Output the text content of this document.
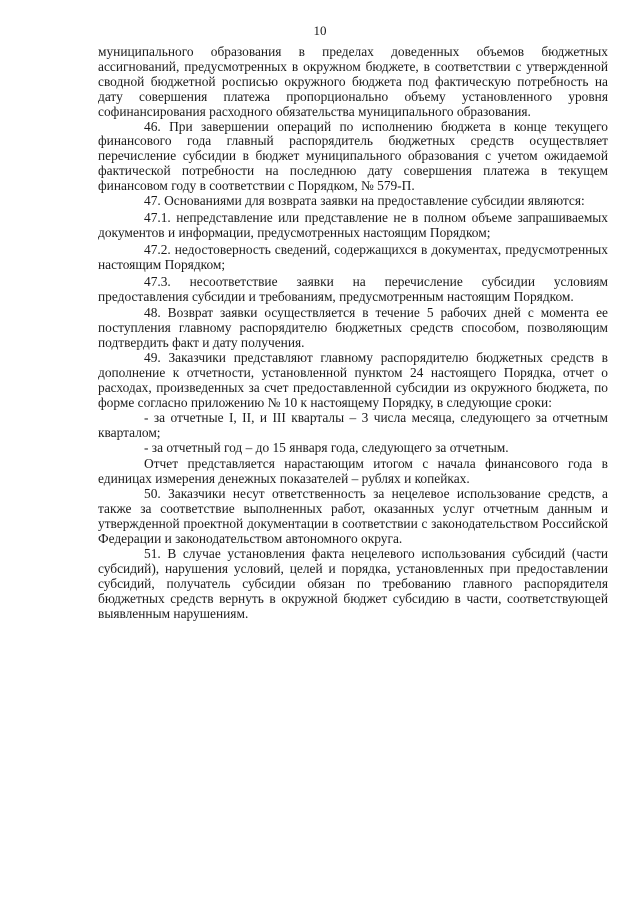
10

муниципального образования в пределах доведенных объемов бюджетных ассигнований, предусмотренных в окружном бюджете, в соответствии с утвержденной сводной бюджетной росписью окружного бюджета под фактическую потребность на дату совершения платежа пропорционально объему установленного уровня софинансирования расходного обязательства муниципального образования.

46. При завершении операций по исполнению бюджета в конце текущего финансового года главный распорядитель бюджетных средств осуществляет перечисление субсидии в бюджет муниципального образования с учетом ожидаемой фактической потребности на последнюю дату совершения платежа в текущем финансовом году в соответствии с Порядком, № 579-П.

47. Основаниями для возврата заявки на предоставление субсидии являются:

47.1. непредставление или представление не в полном объеме запрашиваемых документов и информации, предусмотренных настоящим Порядком;

47.2. недостоверность сведений, содержащихся в документах, предусмотренных настоящим Порядком;

47.3. несоответствие заявки на перечисление субсидии условиям предоставления субсидии и требованиям, предусмотренным настоящим Порядком.

48. Возврат заявки осуществляется в течение 5 рабочих дней с момента ее поступления главному распорядителю бюджетных средств способом, позволяющим подтвердить факт и дату получения.

49. Заказчики представляют главному распорядителю бюджетных средств в дополнение к отчетности, установленной пунктом 24 настоящего Порядка, отчет о расходах, произведенных за счет предоставленной субсидии из окружного бюджета, по форме согласно приложению № 10 к настоящему Порядку, в следующие сроки:

- за отчетные I, II, и III кварталы – 3 числа месяца, следующего за отчетным кварталом;

- за отчетный год – до 15 января года, следующего за отчетным.

Отчет представляется нарастающим итогом с начала финансового года в единицах измерения денежных показателей – рублях и копейках.

50. Заказчики несут ответственность за нецелевое использование средств, а также за соответствие выполненных работ, оказанных услуг отчетным данным и утвержденной проектной документации в соответствии с законодательством Российской Федерации и законодательством автономного округа.

51. В случае установления факта нецелевого использования субсидий (части субсидий), нарушения условий, целей и порядка, установленных при предоставлении субсидий, получатель субсидии обязан по требованию главного распорядителя бюджетных средств вернуть в окружной бюджет субсидию в части, соответствующей выявленным нарушениям.
